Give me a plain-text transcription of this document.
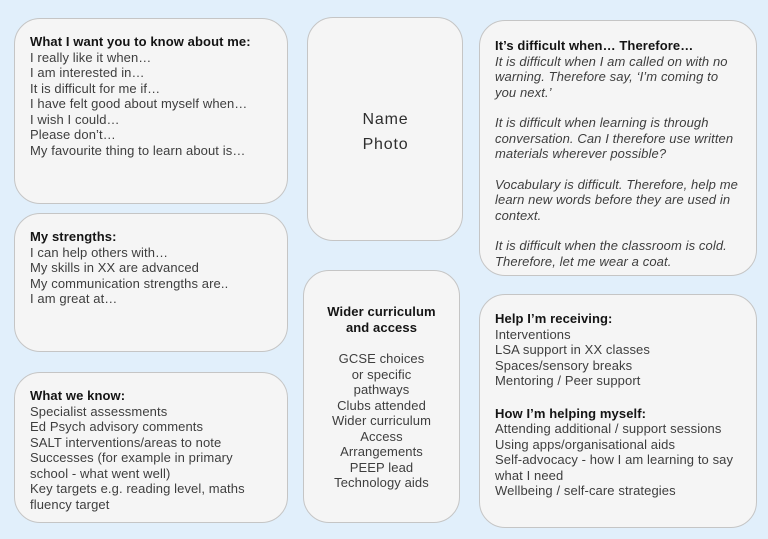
What I want you to know about me:
I really like it when…
I am interested in…
It is difficult for me if…
I have felt good about myself when…
I wish I could…
Please don’t…
My favourite thing to learn about is…
My strengths:
I can help others with…
My skills in XX are advanced
My communication strengths are..
I am great at…
What we know:
Specialist assessments
Ed Psych advisory comments
SALT interventions/areas to note
Successes (for example in primary school - what went well)
Key targets e.g. reading level, maths fluency target
Name
Photo
Wider curriculum and access
GCSE choices
or specific
pathways
Clubs attended
Wider curriculum
Access
Arrangements
PEEP lead
Technology aids
It’s difficult when… Therefore…

It is difficult when I am called on with no warning. Therefore say, ‘I’m coming to you next.’

It is difficult when learning is through conversation. Can I therefore use written materials wherever possible?

Vocabulary is difficult. Therefore, help me learn new words before they are used in context.

It is difficult when the classroom is cold. Therefore, let me wear a coat.

Help I’m receiving:
Interventions
LSA support in XX classes
Spaces/sensory breaks
Mentoring / Peer support
How I’m helping myself:
Attending additional / support sessions
Using apps/organisational aids
Self-advocacy - how I am learning to say what I need
Wellbeing / self-care strategies
